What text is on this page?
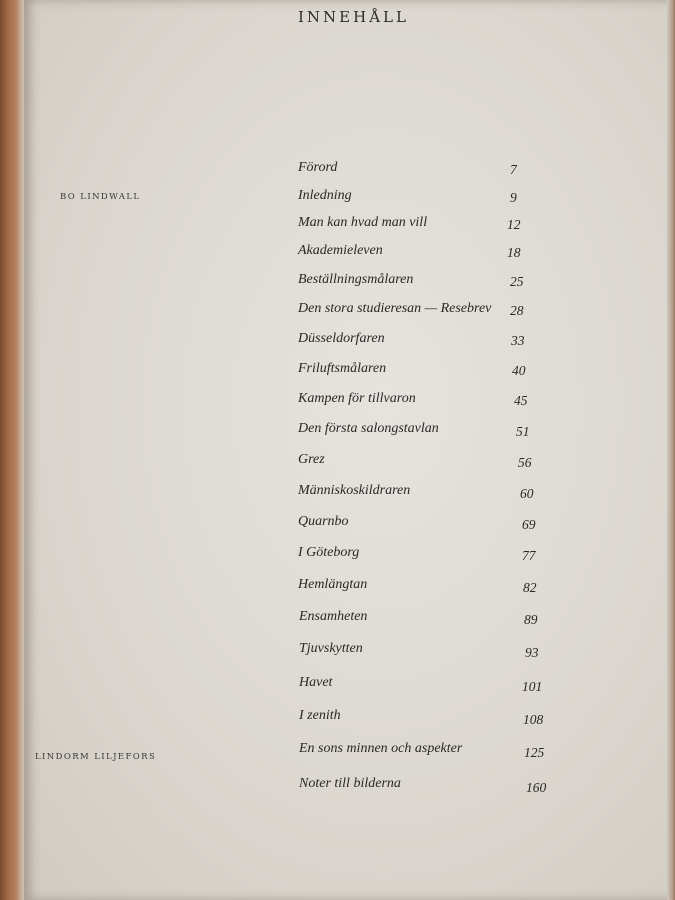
INNEHÅLL
BO LINDWALL
LINDORM LILJEFORS
Förord	7
Inledning	9
Man kan hvad man vill	12
Akademieleven	18
Beställningsmålaren	25
Den stora studieresan — Resebrev 28
Düsseldorfaren	33
Friluftsmålaren	40
Kampen för tillvaron	45
Den första salongstavlan	51
Grez	56
Människoskildraren	60
Quarnbo	69
I Göteborg	77
Hemlängtan	82
Ensamheten	89
Tjuvskytten	93
Havet	101
I zenith	108
En sons minnen och aspekter	125
Noter till bilderna	160
